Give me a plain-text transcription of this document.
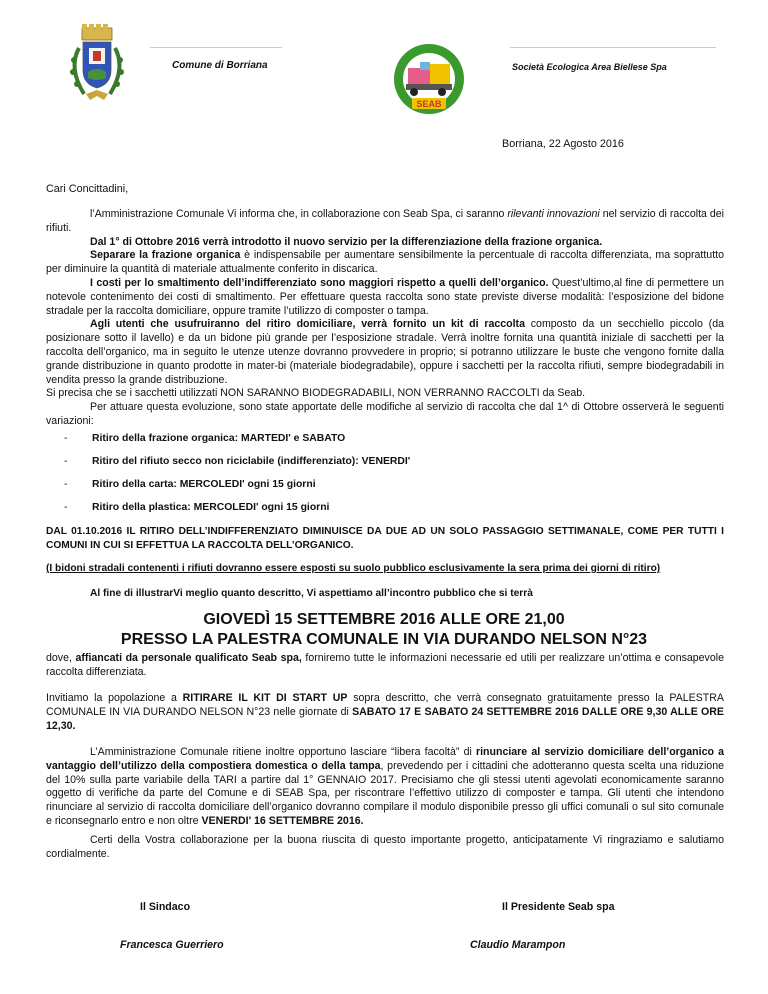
Comune di Borriana
SEAB
Società Ecologica Area Biellese Spa
Borriana, 22 Agosto 2016
Cari Concittadini,

l’Amministrazione Comunale Vi informa che, in collaborazione con Seab Spa, ci saranno rilevanti innovazioni nel servizio di raccolta dei rifiuti.

Dal 1° di Ottobre 2016 verrà introdotto il nuovo servizio per la differenziazione della frazione organica.

Separare la frazione organica è indispensabile per aumentare sensibilmente la percentuale di raccolta differenziata, ma soprattutto per diminuire la quantità di materiale attualmente conferito in discarica.

I costi per lo smaltimento dell’indifferenziato sono maggiori rispetto a quelli dell’organico. Quest’ultimo,al fine di permettere un notevole contenimento dei costi di smaltimento. Per effettuare questa raccolta sono state previste diverse modalità: l’esposizione del bidone stradale per la raccolta domiciliare, oppure tramite l’utilizzo di composter o tampa.

Agli utenti che usufruiranno del ritiro domiciliare, verrà fornito un kit di raccolta composto da un secchiello piccolo (da posizionare sotto il lavello) e da un bidone più grande per l’esposizione stradale. Verrà inoltre fornita una quantità iniziale di sacchetti per la raccolta dell’organico, ma in seguito le utenze utenze dovranno provvedere in proprio; si potranno utilizzare le buste che vengono fornite dalla grande distribuzione in quanto prodotte in mater-bi (materiale biodegradabile), oppure i sacchetti per la raccolta rifiuti, sempre biodegradabili in vendita presso la grande distribuzione.

Si precisa che se i sacchetti utilizzati NON SARANNO BIODEGRADABILI, NON VERRANNO RACCOLTI da Seab.

Per attuare questa evoluzione, sono state apportate delle modifiche al servizio di raccolta che dal 1^ di Ottobre osserverà le seguenti variazioni:

- Ritiro della frazione organica: MARTEDI' e SABATO
- Ritiro del rifiuto secco non riciclabile (indifferenziato): VENERDI'
- Ritiro della carta: MERCOLEDI' ogni 15 giorni
- Ritiro della plastica: MERCOLEDI' ogni 15 giorni
DAL 01.10.2016 IL RITIRO DELL’INDIFFERENZIATO DIMINUISCE DA DUE AD UN SOLO PASSAGGIO SETTIMANALE, COME PER TUTTI I COMUNI IN CUI SI EFFETTUA LA RACCOLTA DELL’ORGANICO.
(I bidoni stradali contenenti i rifiuti dovranno essere esposti su suolo pubblico esclusivamente la sera prima dei giorni di ritiro)
Al fine di illustrarVi meglio quanto descritto, Vi aspettiamo all’incontro pubblico che si terrà
GIOVEDÌ 15 SETTEMBRE 2016 ALLE ORE 21,00
PRESSO LA PALESTRA COMUNALE IN VIA DURANDO NELSON N°23

dove, affiancati da personale qualificato Seab spa, forniremo tutte le informazioni necessarie ed utili per realizzare un’ottima e consapevole raccolta differenziata.

Invitiamo la popolazione a RITIRARE IL KIT DI START UP sopra descritto, che verrà consegnato gratuitamente presso la PALESTRA COMUNALE IN VIA DURANDO NELSON N°23 nelle giornate di SABATO 17 E SABATO 24 SETTEMBRE 2016 DALLE ORE 9,30 ALLE ORE 12,30.

L’Amministrazione Comunale ritiene inoltre opportuno lasciare “libera facoltà” di rinunciare al servizio domiciliare dell’organico a vantaggio dell’utilizzo della compostiera domestica o della tampa, prevedendo per i cittadini che adotteranno questa scelta una riduzione del 10% sulla parte variabile della TARI a partire dal 1° GENNAIO 2017. Precisiamo che gli stessi utenti agevolati economicamente saranno oggetto di verifiche da parte del Comune e di SEAB Spa, per riscontrare l’effettivo utilizzo di composter e tampa. Gli utenti che intendono rinunciare al servizio di raccolta domiciliare dell’organico dovranno compilare il modulo disponibile presso gli uffici comunali o sul sito comunale e riconsegnarlo entro e non oltre VENERDI' 16 SETTEMBRE 2016.

Certi della Vostra collaborazione per la buona riuscita di questo importante progetto, anticipatamente Vi ringraziamo e salutiamo cordialmente.

Il Sindaco
Francesca Guerriero
Il Presidente Seab spa
Claudio Marampon
